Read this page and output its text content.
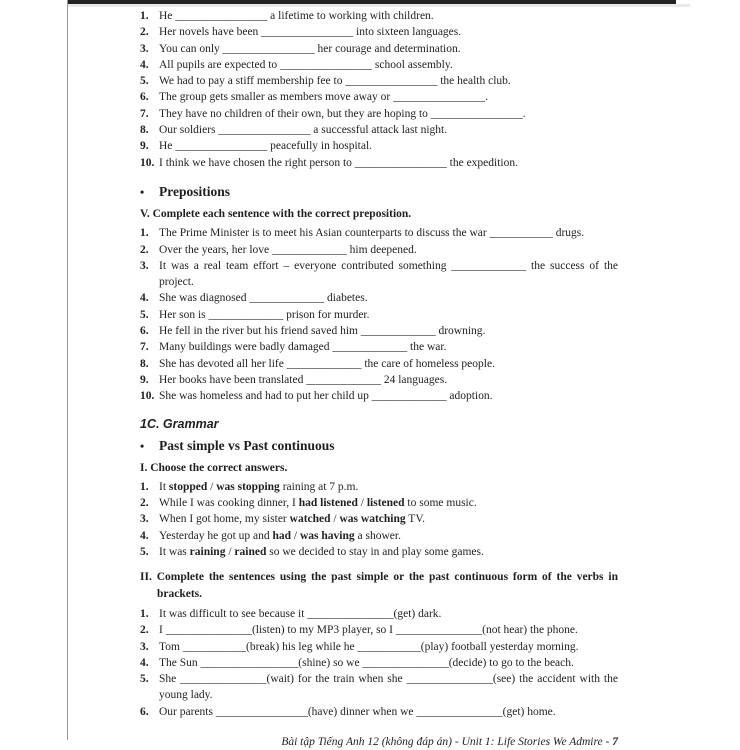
1. He ________________ a lifetime to working with children.
2. Her novels have been ________________ into sixteen languages.
3. You can only ________________ her courage and determination.
4. All pupils are expected to ________________ school assembly.
5. We had to pay a stiff membership fee to ________________ the health club.
6. The group gets smaller as members move away or ________________.
7. They have no children of their own, but they are hoping to ________________.
8. Our soldiers ________________ a successful attack last night.
9. He ________________ peacefully in hospital.
10. I think we have chosen the right person to ________________ the expedition.
•	Prepositions
V. Complete each sentence with the correct preposition.
1. The Prime Minister is to meet his Asian counterparts to discuss the war ___________ drugs.
2. Over the years, her love _____________ him deepened.
3. It was a real team effort – everyone contributed something _____________ the success of the project.
4. She was diagnosed _____________ diabetes.
5. Her son is _____________ prison for murder.
6. He fell in the river but his friend saved him _____________ drowning.
7. Many buildings were badly damaged _____________ the war.
8. She has devoted all her life _____________ the care of homeless people.
9. Her books have been translated _____________ 24 languages.
10. She was homeless and had to put her child up _____________ adoption.
1C. Grammar
•	Past simple vs Past continuous
I. Choose the correct answers.
1. It stopped / was stopping raining at 7 p.m.
2. While I was cooking dinner, I had listened / listened to some music.
3. When I got home, my sister watched / was watching TV.
4. Yesterday he got up and had / was having a shower.
5. It was raining / rained so we decided to stay in and play some games.
II. Complete the sentences using the past simple or the past continuous form of the verbs in brackets.
1. It was difficult to see because it _______________(get) dark.
2. I _______________(listen) to my MP3 player, so I _______________(not hear) the phone.
3. Tom ___________(break) his leg while he ___________(play) football yesterday morning.
4. The Sun _________________(shine) so we _______________(decide) to go to the beach.
5. She _______________(wait) for the train when she _______________(see) the accident with the young lady.
6. Our parents ________________(have) dinner when we _______________(get) home.
Bài tập Tiếng Anh 12 (không đáp án) - Unit 1: Life Stories We Admire - 7
